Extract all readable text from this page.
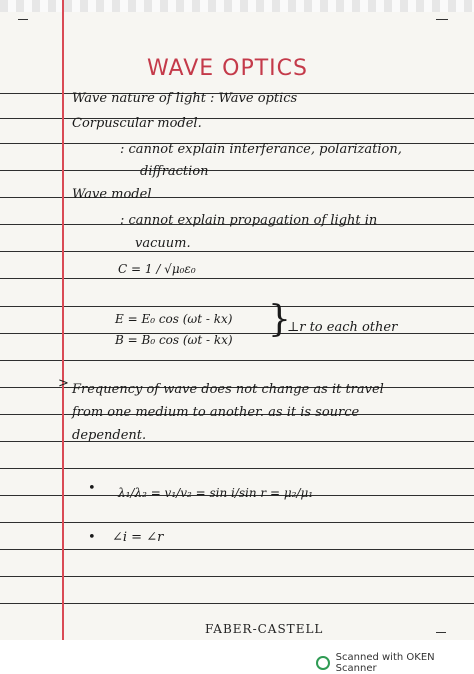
WAVE OPTICS
Wave nature of light : Wave optics
Corpuscular model.
: cannot explain interferance, polarization,
diffraction
Wave model
: cannot explain propagation of light in
vacuum.
C = 1 / √μ₀ε₀
E = E₀ cos (ωt - kx)
B = B₀ cos (ωt - kx) }
⊥r to each other
> Frequency of wave does not change as it travel
from one medium to another. as it is source
dependent.
• λ₁/λ₂ = v₁/v₂ = sin i/sin r = μ₂/μ₁
• ∠i = ∠r
FABER-CASTELL
Scanned with OKEN Scanner
